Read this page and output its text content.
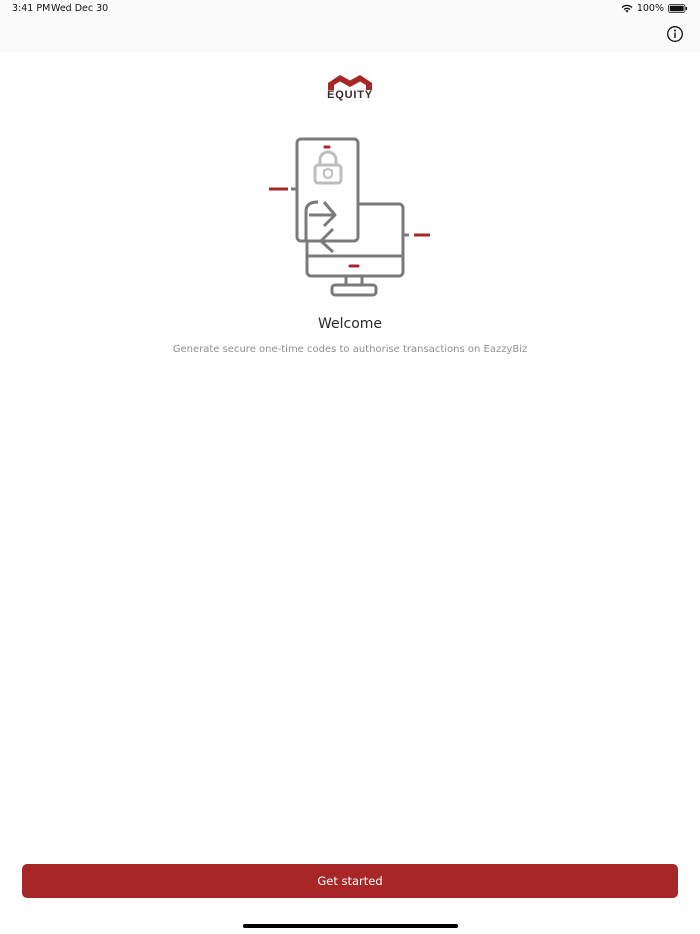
3:41 PM Wed Dec 30	100%
EQUITY
Welcome
Generate secure one-time codes to authorise transactions on EazzyBiz
Get started
